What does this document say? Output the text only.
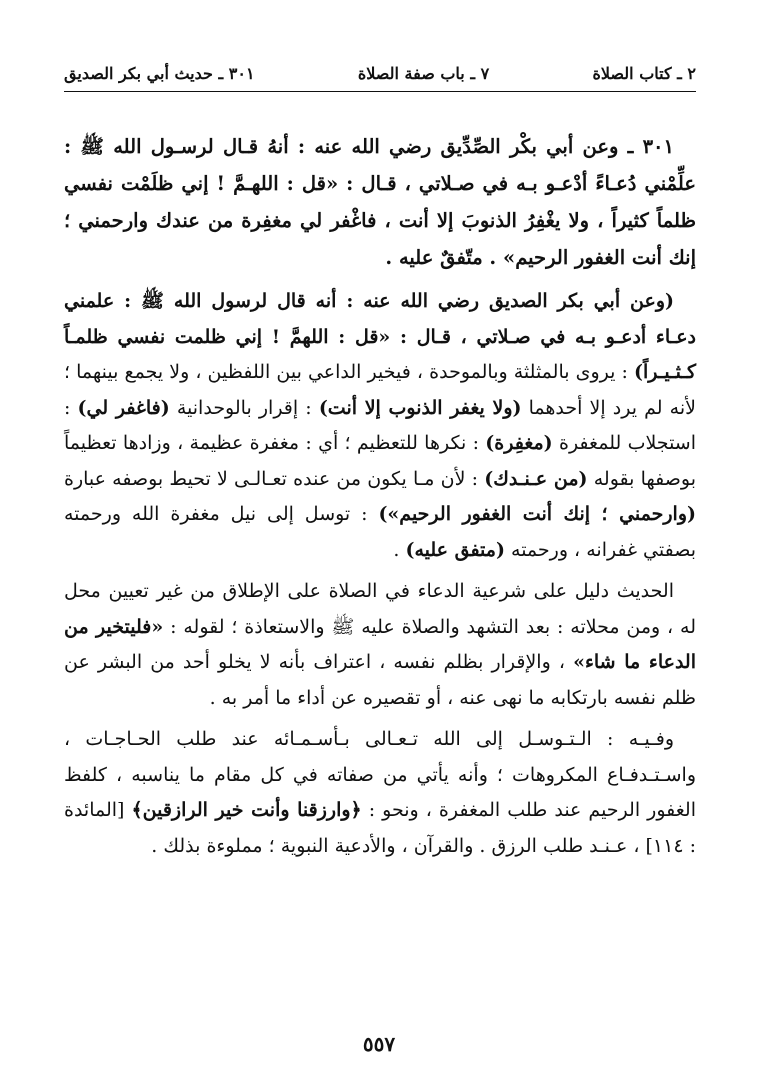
٢ ـ كتاب الصلاة
٧ ـ باب صفة الصلاة
٣٠١ ـ حديث أبي بكر الصديق

٣٠١ ـ وعن أبي بكْر الصِّدِّيق رضي الله عنه : أنهُ قـال لرسـول الله ﷺ : علِّمْني دُعـاءً أدْعـو بـه في صـلاتي ، قـال : «قل : اللهـمَّ ! إني ظلَمْت نفسي ظلماً كثيراً ، ولا يغْفِرُ الذنوبَ إلا أنت ، فاغْفر لي مغفِرة من عندك وارحمني ؛ إنك أنت الغفور الرحيم» . متّفقٌ عليه .

(وعن أبي بكر الصديق رضي الله عنه : أنه قال لرسول الله ﷺ : علمني دعـاء أدعـو بـه في صـلاتي ، قـال : «قل : اللهمَّ ! إني ظلمت نفسي ظلمـاً كـثـيـراً) : يروى بالمثلثة وبالموحدة ، فيخير الداعي بين اللفظين ، ولا يجمع بينهما ؛ لأنه لم يرد إلا أحدهما (ولا يغفر الذنوب إلا أنت) : إقرار بالوحدانية (فاغفر لي) : استجلاب للمغفرة (مغفِرة) : نكرها للتعظيم ؛ أي : مغفرة عظيمة ، وزادها تعظيماً بوصفها بقوله (من عـنـدك) : لأن مـا يكون من عنده تعـالـى لا تحيط بوصفه عبارة (وارحمني ؛ إنك أنت الغفور الرحيم») : توسل إلى نيل مغفرة الله ورحمته بصفتي غفرانه ، ورحمته (متفق عليه) .

الحديث دليل على شرعية الدعاء في الصلاة على الإطلاق من غير تعيين محل له ، ومن محلاته : بعد التشهد والصلاة عليه ﷺ والاستعاذة ؛ لقوله : «فليتخير من الدعاء ما شاء» ، والإقرار بظلم نفسه ، اعتراف بأنه لا يخلو أحد من البشر عن ظلم نفسه بارتكابه ما نهى عنه ، أو تقصيره عن أداء ما أمر به .

وفـيـه : الـتـوسـل إلى الله تـعـالى بـأسـمـائه عند طلب الحـاجـات ، واسـتـدفـاع المكروهات ؛ وأنه يأتي من صفاته في كل مقام ما يناسبه ، كلفظ الغفور الرحيم عند طلب المغفرة ، ونحو : ﴿وارزقنا وأنت خير الرازقين﴾ [المائدة : ١١٤] ، عـنـد طلب الرزق . والقرآن ، والأدعية النبوية ؛ مملوءة بذلك .

٥٥٧
